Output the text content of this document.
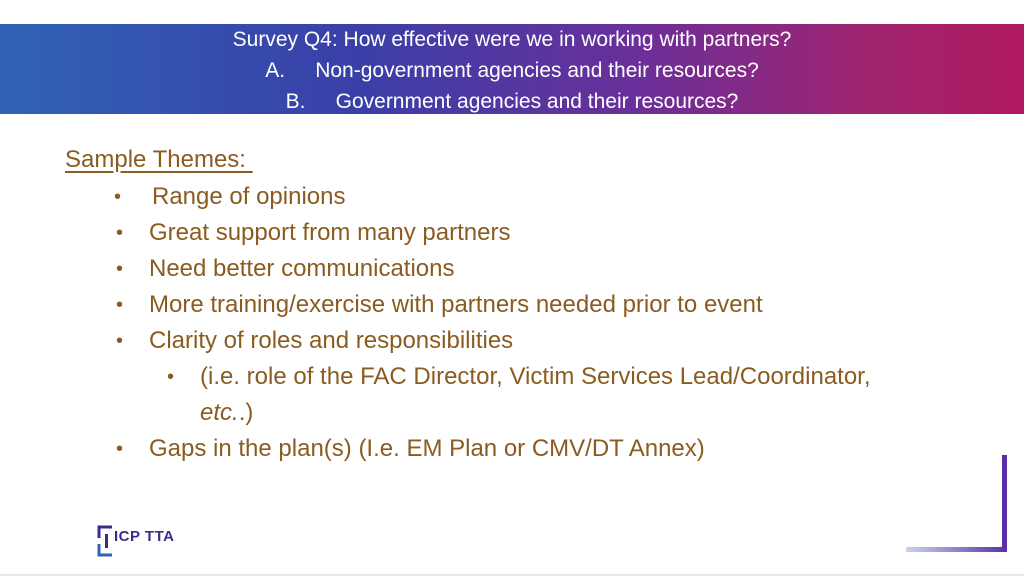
Survey Q4: How effective were we in working with partners?
A. Non-government agencies and their resources?
B. Government agencies and their resources?
Sample Themes:
• Range of opinions
• Great support from many partners
• Need better communications
• More training/exercise with partners needed prior to event
• Clarity of roles and responsibilities
• (i.e. role of the FAC Director, Victim Services Lead/Coordinator,
etc..)
• Gaps in the plan(s) (I.e. EM Plan or CMV/DT Annex)
ICP TTA
